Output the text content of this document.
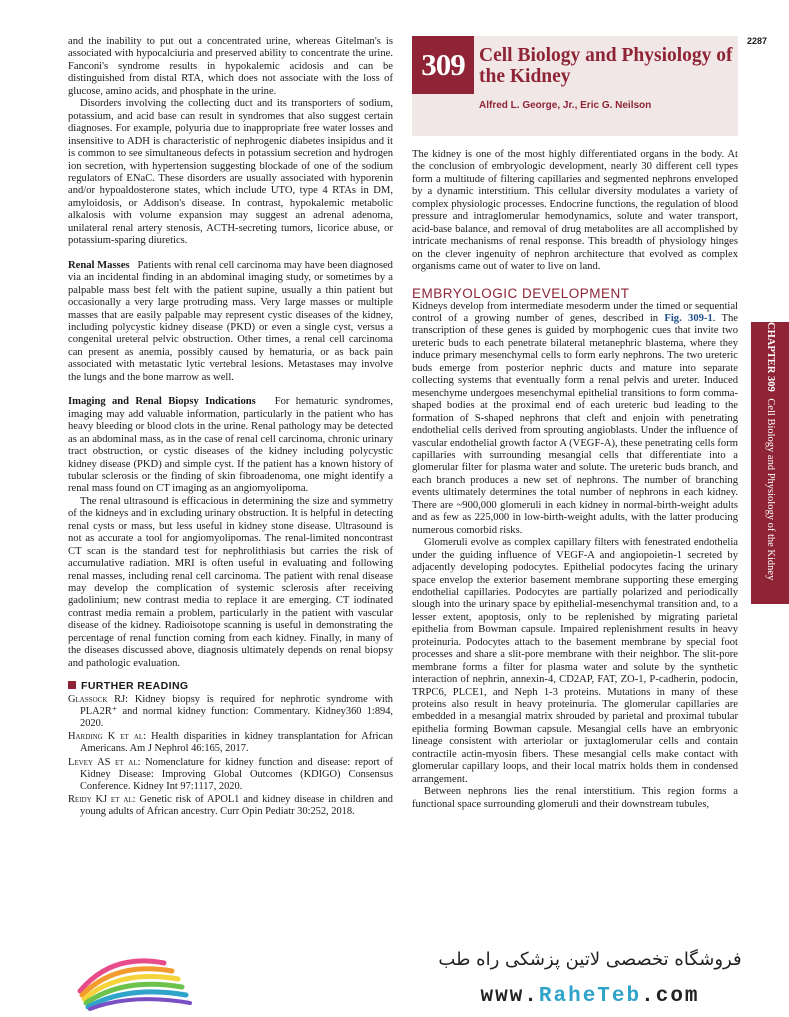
2287

and the inability to put out a concentrated urine, whereas Gitelman's is associated with hypocalciuria and preserved ability to concentrate the urine. Fanconi's syndrome results in hypokalemic acidosis and can be distinguished from distal RTA, which does not associate with the loss of glucose, amino acids, and phosphate in the urine.

Disorders involving the collecting duct and its transporters of sodium, potassium, and acid base can result in syndromes that also suggest certain diagnoses. For example, polyuria due to inappropriate free water losses and insensitive to ADH is characteristic of nephrogenic diabetes insipidus and it is common to see simultaneous defects in potassium secretion and hydrogen ion secretion, with hypertension suggesting blockade of one of the sodium regulators of ENaC. These disorders are usually associated with hyporenin and/or hypoaldosterone states, which include UTO, type 4 RTAs in DM, amyloidosis, or Addison's disease. In contrast, hypokalemic metabolic alkalosis with volume expansion may suggest an adrenal adenoma, unilateral renal artery stenosis, ACTH-secreting tumors, licorice abuse, or potassium-sparing diuretics.

Renal Masses Patients with renal cell carcinoma may have been diagnosed via an incidental finding in an abdominal imaging study, or sometimes by a palpable mass best felt with the patient supine, usually a thin patient but occasionally a very large protruding mass. Very large masses or multiple masses that are easily palpable may represent cystic diseases of the kidney, including polycystic kidney disease (PKD) or even a single cyst, versus a congenital ureteral pelvic obstruction. Other times, a renal cell carcinoma can present as anemia, possibly caused by hematuria, or as back pain associated with metastatic lytic vertebral lesions. Metastases may involve the lungs and the bone marrow as well.

Imaging and Renal Biopsy Indications For hematuric syndromes, imaging may add valuable information, particularly in the patient who has heavy bleeding or blood clots in the urine. Renal pathology may be detected as an abdominal mass, as in the case of renal cell carcinoma, chronic urinary tract obstruction, or cystic diseases of the kidney including polycystic kidney disease (PKD) and simple cyst. If the patient has a known history of tubular sclerosis or the finding of skin fibroadenoma, one might identify a renal mass found on CT imaging as an angiomyolipoma.

The renal ultrasound is efficacious in determining the size and symmetry of the kidneys and in excluding urinary obstruction. It is helpful in detecting renal cysts or mass, but less useful in kidney stone disease. Ultrasound is not as accurate a tool for angiomyolipomas. The renal-limited noncontrast CT scan is the standard test for nephrolithiasis but carries the risk of accumulative radiation. MRI is often useful in evaluating and following renal masses, including renal cell carcinoma. The patient with renal disease may develop the complication of systemic sclerosis after receiving gadolinium; new contrast media to replace it are emerging. CT iodinated contrast media remain a problem, particularly in the patient with vascular disease of the kidney. Radioisotope scanning is useful in demonstrating the percentage of renal function coming from each kidney. Finally, in many of the diseases discussed above, diagnosis ultimately depends on renal biopsy and pathologic evaluation.

FURTHER READING

Glassock RJ: Kidney biopsy is required for nephrotic syndrome with PLA2R⁺ and normal kidney function: Commentary. Kidney360 1:894, 2020.

Harding K et al: Health disparities in kidney transplantation for African Americans. Am J Nephrol 46:165, 2017.

Levey AS et al: Nomenclature for kidney function and disease: report of Kidney Disease: Improving Global Outcomes (KDIGO) Consensus Conference. Kidney Int 97:1117, 2020.

Reidy KJ et al: Genetic risk of APOL1 and kidney disease in children and young adults of African ancestry. Curr Opin Pediatr 30:252, 2018.

309 Cell Biology and Physiology of the Kidney
Alfred L. George, Jr., Eric G. Neilson

The kidney is one of the most highly differentiated organs in the body. At the conclusion of embryologic development, nearly 30 different cell types form a multitude of filtering capillaries and segmented nephrons enveloped by a dynamic interstitium. This cellular diversity modulates a variety of complex physiologic processes. Endocrine functions, the regulation of blood pressure and intraglomerular hemodynamics, solute and water transport, acid-base balance, and removal of drug metabolites are all accomplished by intricate mechanisms of renal response. This breadth of physiology hinges on the clever ingenuity of nephron architecture that evolved as complex organisms came out of water to live on land.

EMBRYOLOGIC DEVELOPMENT

Kidneys develop from intermediate mesoderm under the timed or sequential control of a growing number of genes, described in Fig. 309-1. The transcription of these genes is guided by morphogenic cues that invite two ureteric buds to each penetrate bilateral metanephric blastema, where they induce primary mesenchymal cells to form early nephrons. The two ureteric buds emerge from posterior nephric ducts and mature into separate collecting systems that eventually form a renal pelvis and ureter. Induced mesenchyme undergoes mesenchymal epithelial transitions to form comma-shaped bodies at the proximal end of each ureteric bud leading to the formation of S-shaped nephrons that cleft and enjoin with penetrating endothelial cells derived from sprouting angioblasts. Under the influence of vascular endothelial growth factor A (VEGF-A), these penetrating cells form capillaries with surrounding mesangial cells that differentiate into a glomerular filter for plasma water and solute. The ureteric buds branch, and each branch produces a new set of nephrons. The number of branching events ultimately determines the total number of nephrons in each kidney. There are ~900,000 glomeruli in each kidney in normal-birth-weight adults and as few as 225,000 in low-birth-weight adults, with the latter producing numerous comorbid risks.

Glomeruli evolve as complex capillary filters with fenestrated endothelia under the guiding influence of VEGF-A and angiopoietin-1 secreted by adjacently developing podocytes. Epithelial podocytes facing the urinary space envelop the exterior basement membrane supporting these emerging endothelial capillaries. Podocytes are partially polarized and periodically slough into the urinary space by epithelial-mesenchymal transition and, to a lesser extent, apoptosis, only to be replenished by migrating parietal epithelia from Bowman capsule. Impaired replenishment results in heavy proteinuria. Podocytes attach to the basement membrane by special foot processes and share a slit-pore membrane with their neighbor. The slit-pore membrane forms a filter for plasma water and solute by the synthetic interaction of nephrin, annexin-4, CD2AP, FAT, ZO-1, P-cadherin, podocin, TRPC6, PLCE1, and Neph 1-3 proteins. Mutations in many of these proteins also result in heavy proteinuria. The glomerular capillaries are embedded in a mesangial matrix shrouded by parietal and proximal tubular epithelia forming Bowman capsule. Mesangial cells have an embryonic lineage consistent with arteriolar or juxtaglomerular cells and contain contractile actin-myosin fibers. These mesangial cells make contact with glomerular capillary loops, and their local matrix holds them in condensed arrangement.

Between nephrons lies the renal interstitium. This region forms a functional space surrounding glomeruli and their downstream tubules,

CHAPTER 309 Cell Biology and Physiology of the Kidney
فروشگاه تخصصی لاتین پزشکی راه طب
www.RaheTeb.com
